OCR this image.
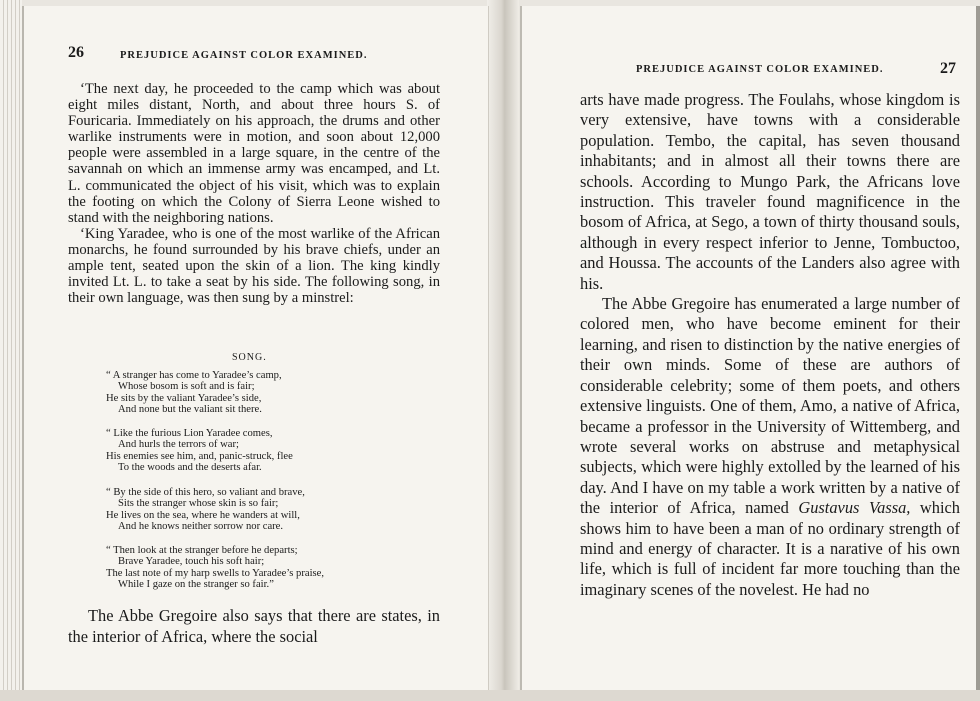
26	PREJUDICE AGAINST COLOR EXAMINED.

‘The next day, he proceeded to the camp which was about eight miles distant, North, and about three hours S. of Fouricaria. Immediately on his approach, the drums and other warlike instruments were in motion, and soon about 12,000 people were assembled in a large square, in the centre of the savannah on which an immense army was encamped, and Lt. L. communicated the object of his visit, which was to explain the footing on which the Colony of Sierra Leone wished to stand with the neighboring nations.

‘King Yaradee, who is one of the most warlike of the African monarchs, he found surrounded by his brave chiefs, under an ample tent, seated upon the skin of a lion. The king kindly invited Lt. L. to take a seat by his side. The following song, in their own language, was then sung by a minstrel:

SONG.
“ A stranger has come to Yaradee’s camp,
Whose bosom is soft and is fair;
He sits by the valiant Yaradee’s side,
And none but the valiant sit there.
“ Like the furious Lion Yaradee comes,
And hurls the terrors of war;
His enemies see him, and, panic-struck, flee
To the woods and the deserts afar.
“ By the side of this hero, so valiant and brave,
Sits the stranger whose skin is so fair;
He lives on the sea, where he wanders at will,
And he knows neither sorrow nor care.
“ Then look at the stranger before he departs;
Brave Yaradee, touch his soft hair;
The last note of my harp swells to Yaradee’s praise,
While I gaze on the stranger so fair.”

The Abbe Gregoire also says that there are states, in the interior of Africa, where the social

PREJUDICE AGAINST COLOR EXAMINED.	27

arts have made progress. The Foulahs, whose kingdom is very extensive, have towns with a considerable population. Tembo, the capital, has seven thousand inhabitants; and in almost all their towns there are schools. According to Mungo Park, the Africans love instruction. This traveler found magnificence in the bosom of Africa, at Sego, a town of thirty thousand souls, although in every respect inferior to Jenne, Tombuctoo, and Houssa. The accounts of the Landers also agree with his.

The Abbe Gregoire has enumerated a large number of colored men, who have become eminent for their learning, and risen to distinction by the native energies of their own minds. Some of these are authors of considerable celebrity; some of them poets, and others extensive linguists. One of them, Amo, a native of Africa, became a professor in the University of Wittemberg, and wrote several works on abstruse and metaphysical subjects, which were highly extolled by the learned of his day. And I have on my table a work written by a native of the interior of Africa, named Gustavus Vassa, which shows him to have been a man of no ordinary strength of mind and energy of character. It is a narative of his own life, which is full of incident far more touching than the imaginary scenes of the novelest. He had no
